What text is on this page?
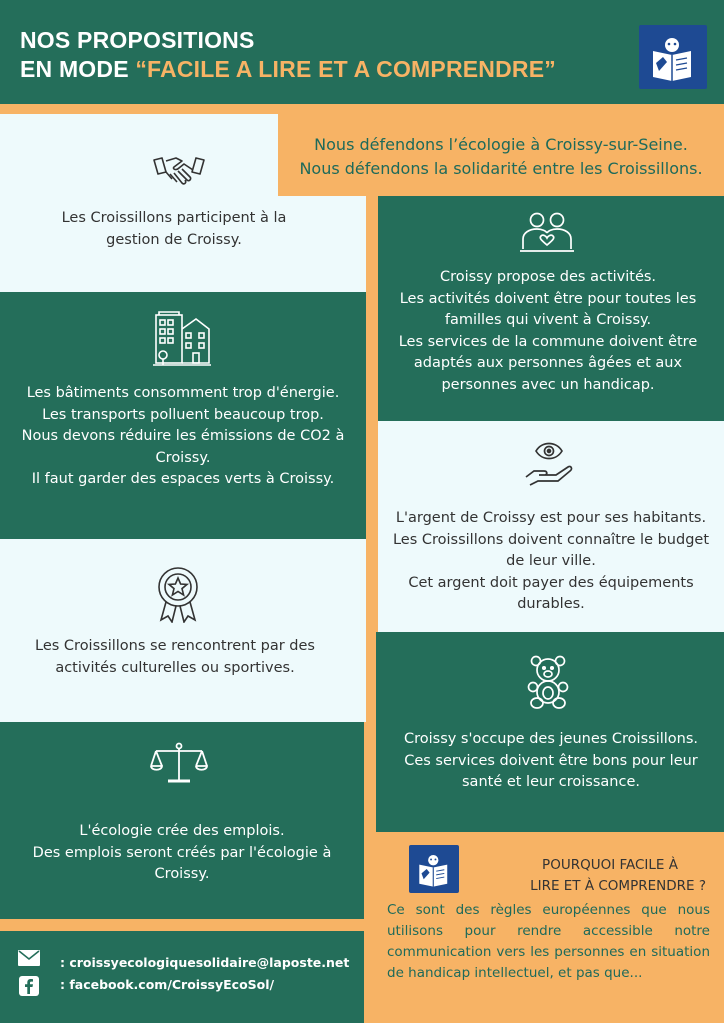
NOS PROPOSITIONS
EN MODE “FACILE A LIRE ET A COMPRENDRE”
Les Croissillons participent à la
gestion de Croissy.
Les bâtiments consomment trop d'énergie.
Les transports polluent beaucoup trop.
Nous devons réduire les émissions de CO2 à
Croissy.
Il faut garder des espaces verts à Croissy.
Les Croissillons se rencontrent par des
activités culturelles ou sportives.
L'écologie crée des emplois.
Des emplois seront créés par l'écologie à
Croissy.
: croissyecologiquesolidaire@laposte.net
: facebook.com/CroissyEcoSol/
Nous défendons l’écologie à Croissy-sur-Seine.
Nous défendons la solidarité entre les Croissillons.
Croissy propose des activités.
Les activités doivent être pour toutes les
familles qui vivent à Croissy.
Les services de la commune doivent être
adaptés aux personnes âgées et aux
personnes avec un handicap.
L'argent de Croissy est pour ses habitants.
Les Croissillons doivent connaître le budget
de leur ville.
Cet argent doit payer des équipements
durables.
Croissy s'occupe des jeunes Croissillons.
Ces services doivent être bons pour leur
santé et leur croissance.
POURQUOI FACILE À
LIRE ET À COMPRENDRE ?
Ce sont des règles européennes que nous utilisons pour rendre accessible notre communication vers les personnes en situation de handicap intellectuel, et pas que...
